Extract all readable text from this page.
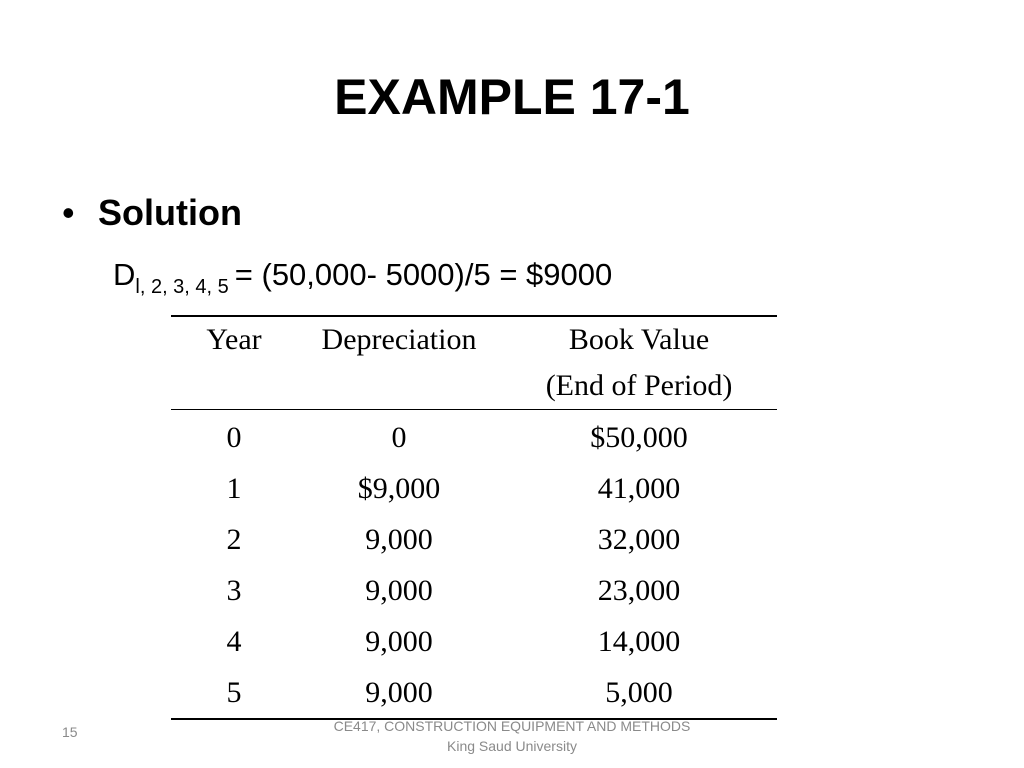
EXAMPLE 17-1
• Solution
$D_{l, 2, 3, 4, 5} = (50,000-$ 5000)/5 = $9000
Year	Depreciation	Book Value
		(End of Period)
0	0	$50,000
1	$9,000	41,000
2	9,000	32,000
3	9,000	23,000
4	9,000	14,000
5	9,000	5,000
15	CE417, CONSTRUCTION EQUIPMENT AND METHODS
King Saud University
